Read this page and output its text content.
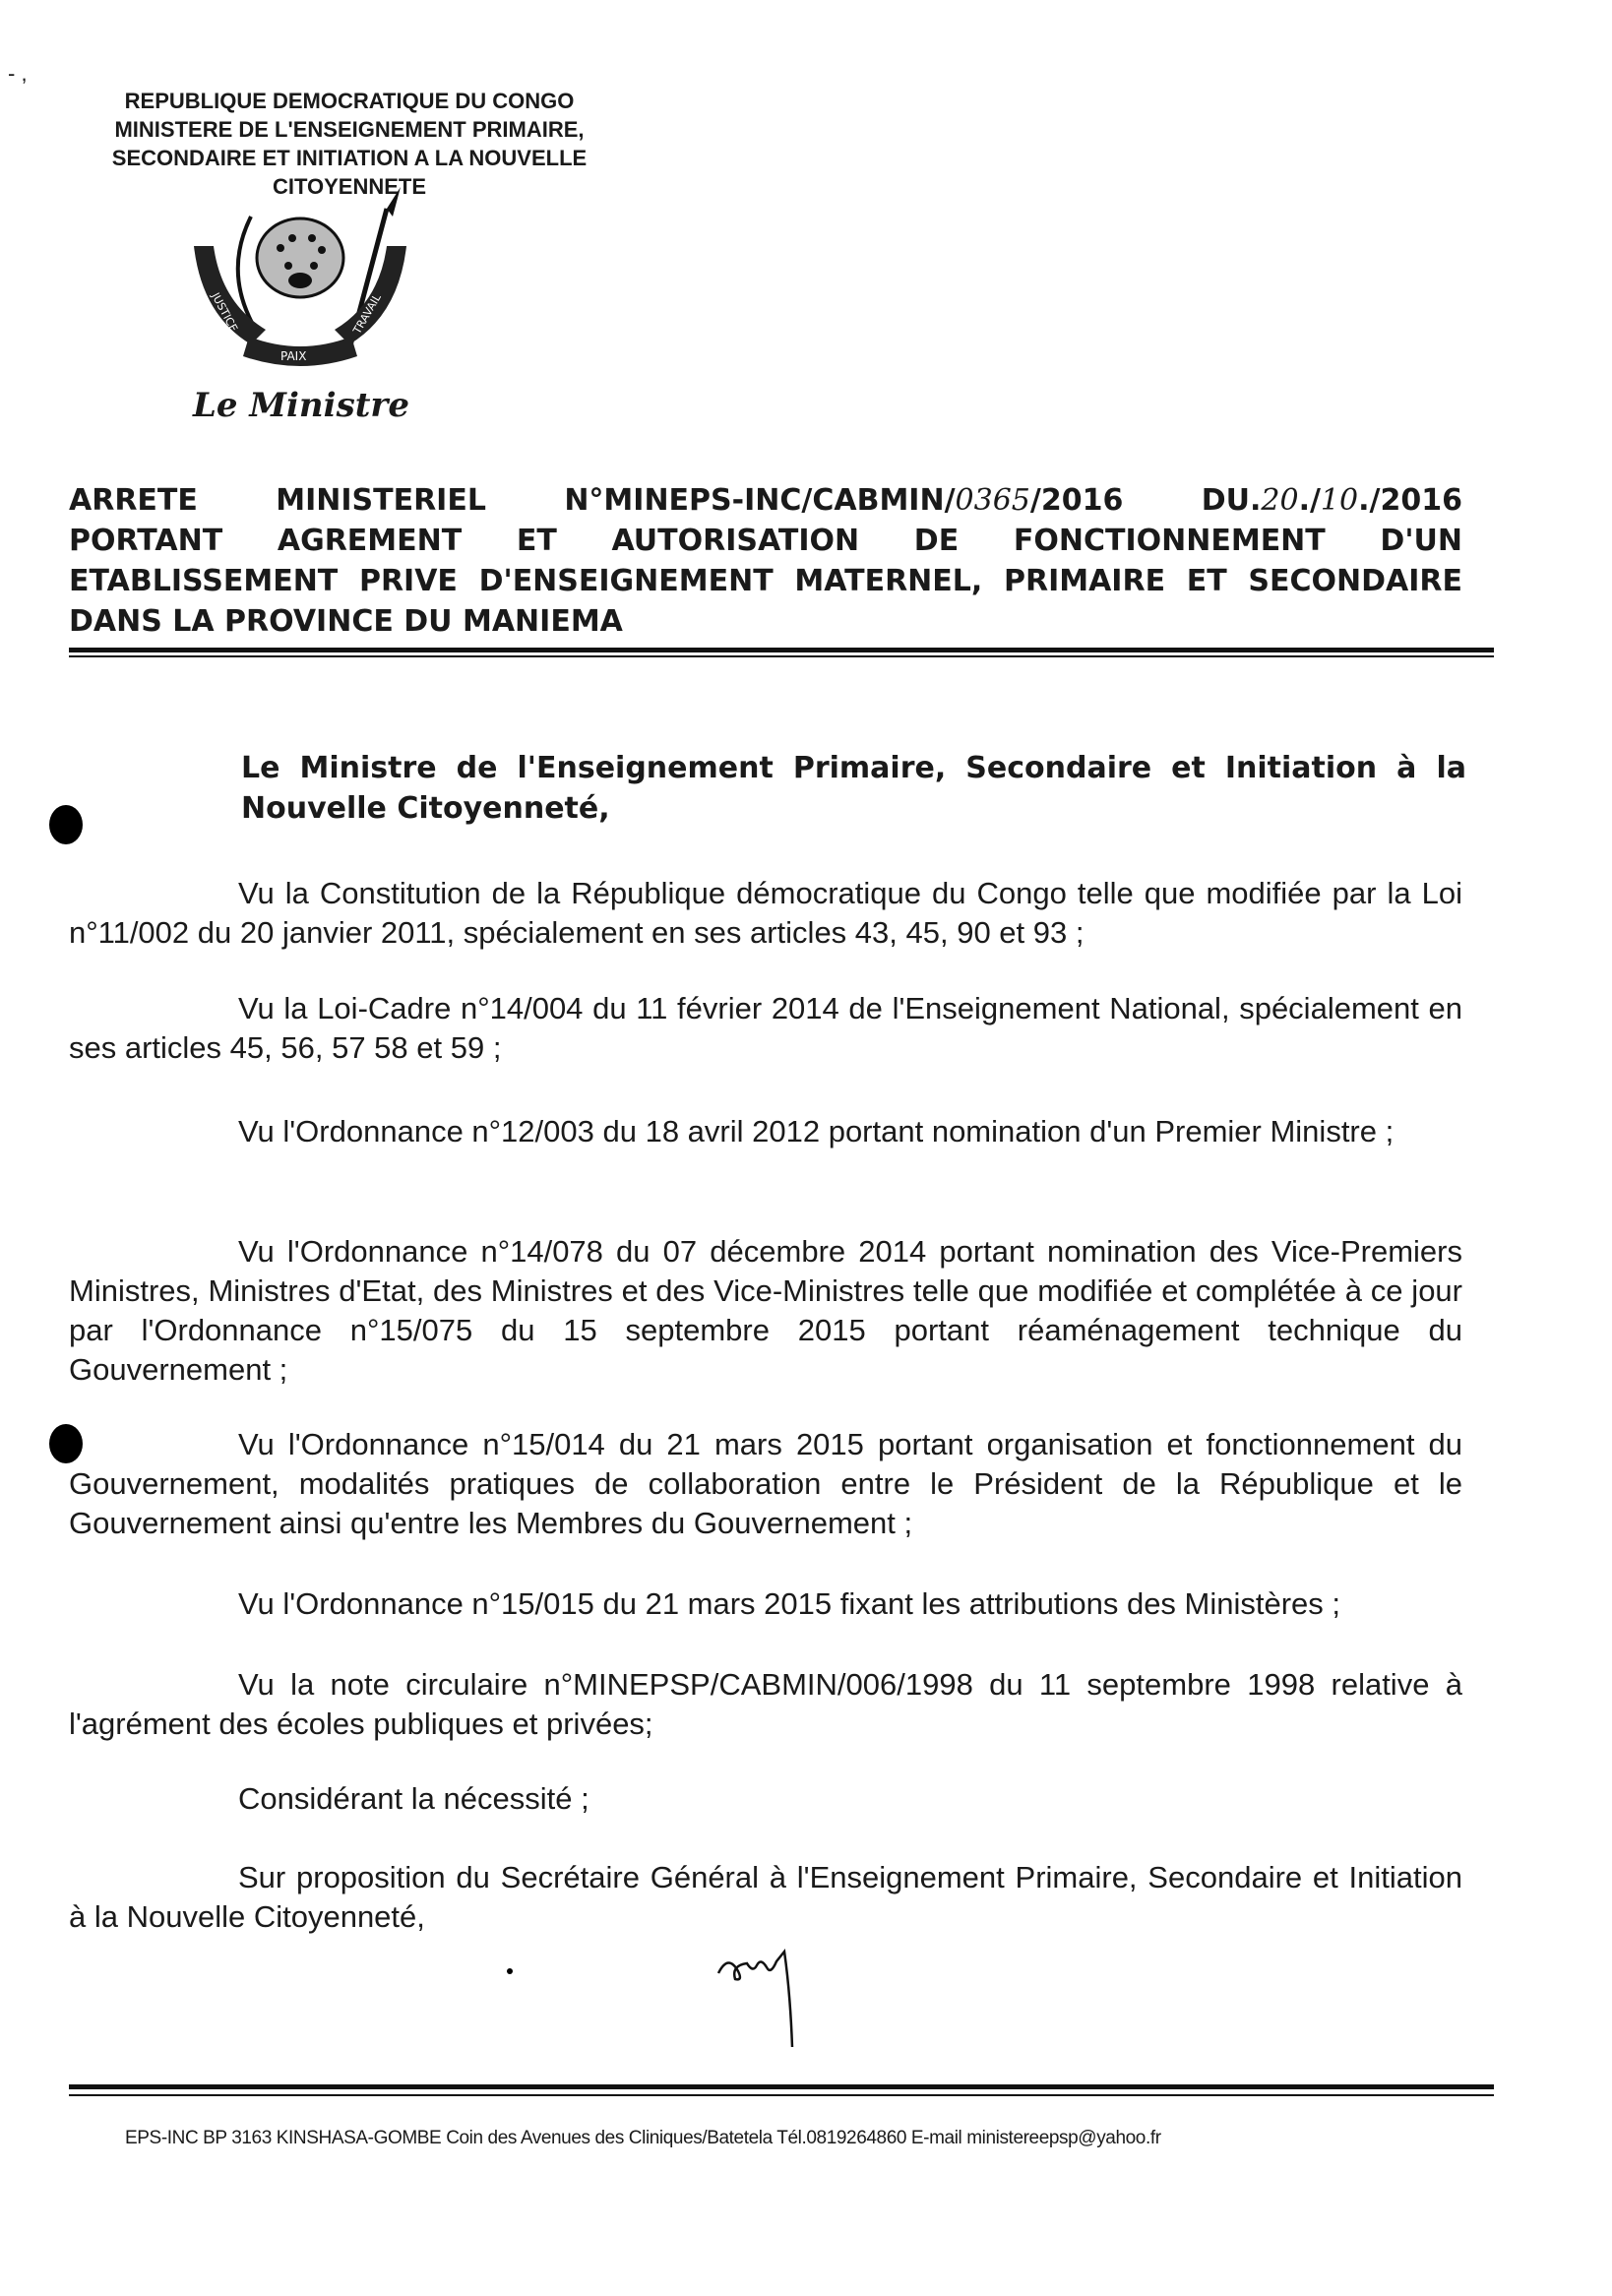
‑ ,
REPUBLIQUE DEMOCRATIQUE DU CONGO
MINISTERE DE L'ENSEIGNEMENT PRIMAIRE,
SECONDAIRE ET INITIATION A LA NOUVELLE
CITOYENNETE
JUSTICE	TRAVAIL
PAIX
Le Ministre
ARRETE	MINISTERIEL	N°MINEPS-INC/CABMIN/0365/2016	DU.20./10./2016
PORTANT AGREMENT ET AUTORISATION DE FONCTIONNEMENT D'UN
ETABLISSEMENT PRIVE D'ENSEIGNEMENT MATERNEL, PRIMAIRE ET SECONDAIRE
DANS LA PROVINCE DU MANIEMA
Le Ministre de l'Enseignement Primaire, Secondaire et Initiation à la Nouvelle Citoyenneté,

Vu la Constitution de la République démocratique du Congo telle que modifiée par la Loi n°11/002 du 20 janvier 2011, spécialement en ses articles 43, 45, 90 et 93 ;

Vu la Loi-Cadre n°14/004 du 11 février 2014 de l'Enseignement National, spécialement en ses articles 45, 56, 57 58 et 59 ;

Vu l'Ordonnance n°12/003 du 18 avril 2012 portant nomination d'un Premier Ministre ;

Vu l'Ordonnance n°14/078 du 07 décembre 2014 portant nomination des Vice-Premiers Ministres, Ministres d'Etat, des Ministres et des Vice-Ministres telle que modifiée et complétée à ce jour par l'Ordonnance n°15/075 du 15 septembre 2015 portant réaménagement technique du Gouvernement ;

Vu l'Ordonnance n°15/014 du 21 mars 2015 portant organisation et fonctionnement du Gouvernement, modalités pratiques de collaboration entre le Président de la République et le Gouvernement ainsi qu'entre les Membres du Gouvernement ;

Vu l'Ordonnance n°15/015 du 21 mars 2015 fixant les attributions des Ministères ;

Vu la note circulaire n°MINEPSP/CABMIN/006/1998 du 11 septembre 1998 relative à l'agrément des écoles publiques et privées;

Considérant la nécessité ;

Sur proposition du Secrétaire Général à l'Enseignement Primaire, Secondaire et Initiation à la Nouvelle Citoyenneté,

EPS-INC BP 3163 KINSHASA-GOMBE Coin des Avenues des Cliniques/Batetela Tél.0819264860 E-mail ministereepsp@yahoo.fr
